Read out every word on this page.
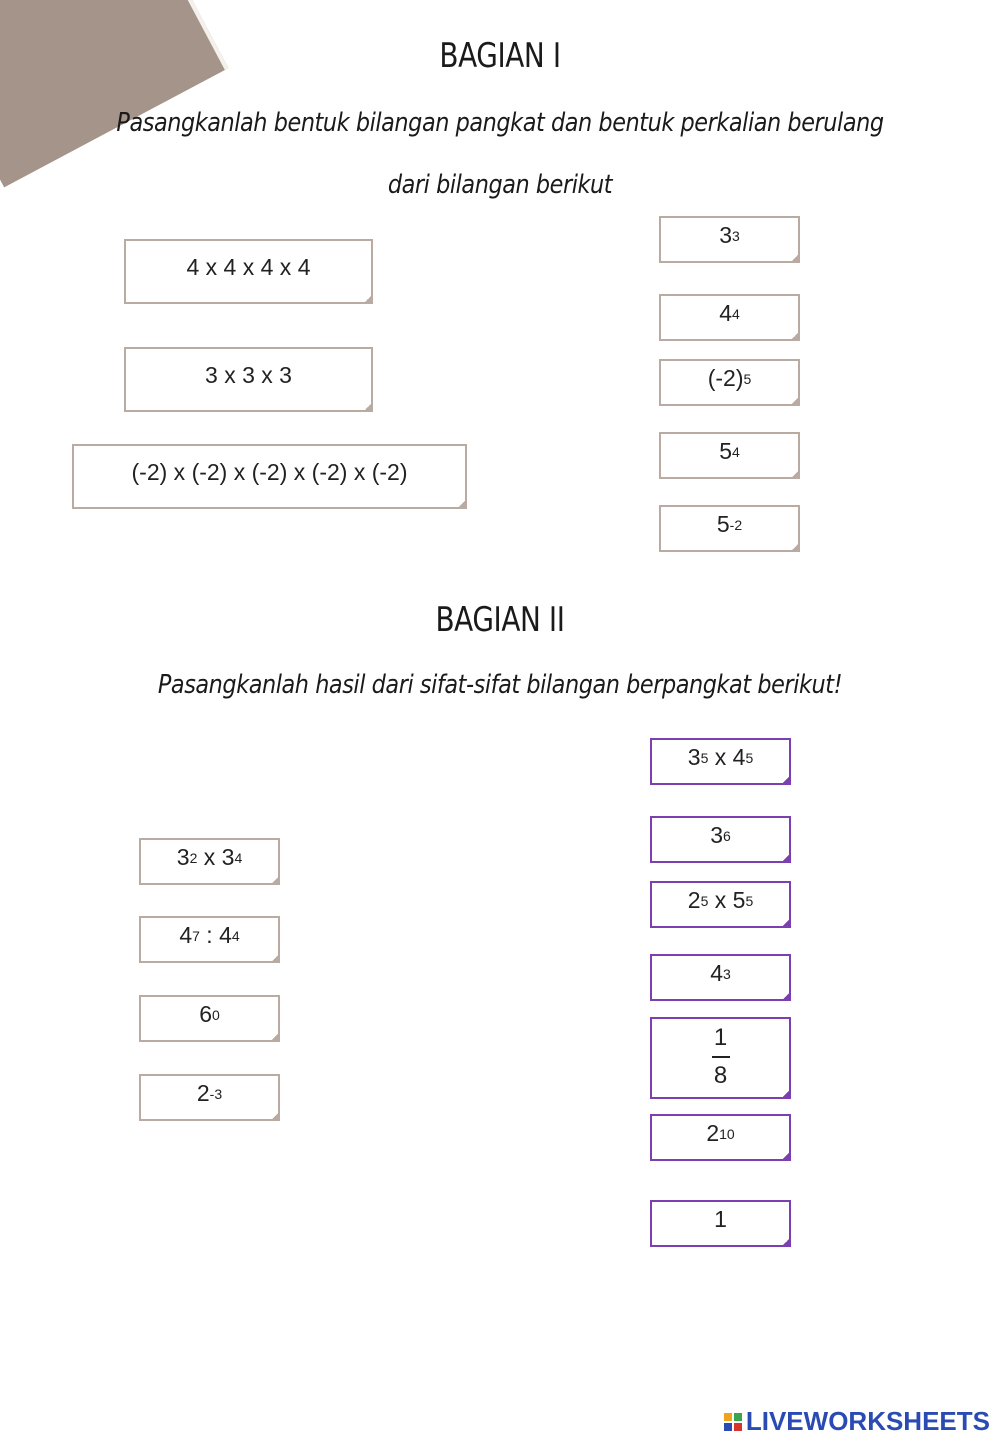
BAGIAN I
Pasangkanlah bentuk bilangan pangkat dan bentuk perkalian berulang
dari bilangan berikut
4 x 4 x 4 x 4
3 x 3 x 3
(-2) x (-2) x (-2) x (-2) x (-2)
3 3
4 4
(-2) 5
5 4
5 -2
BAGIAN II
Pasangkanlah hasil dari sifat-sifat bilangan berpangkat berikut!
3 2 x 3 4
4 7 : 4 4
6 0
2 -3
3 5 x 4 5
3 6
2 5 x 5 5
4 3
$\frac{1}{8}$
2 10
1
LIVEWORKSHEETS
